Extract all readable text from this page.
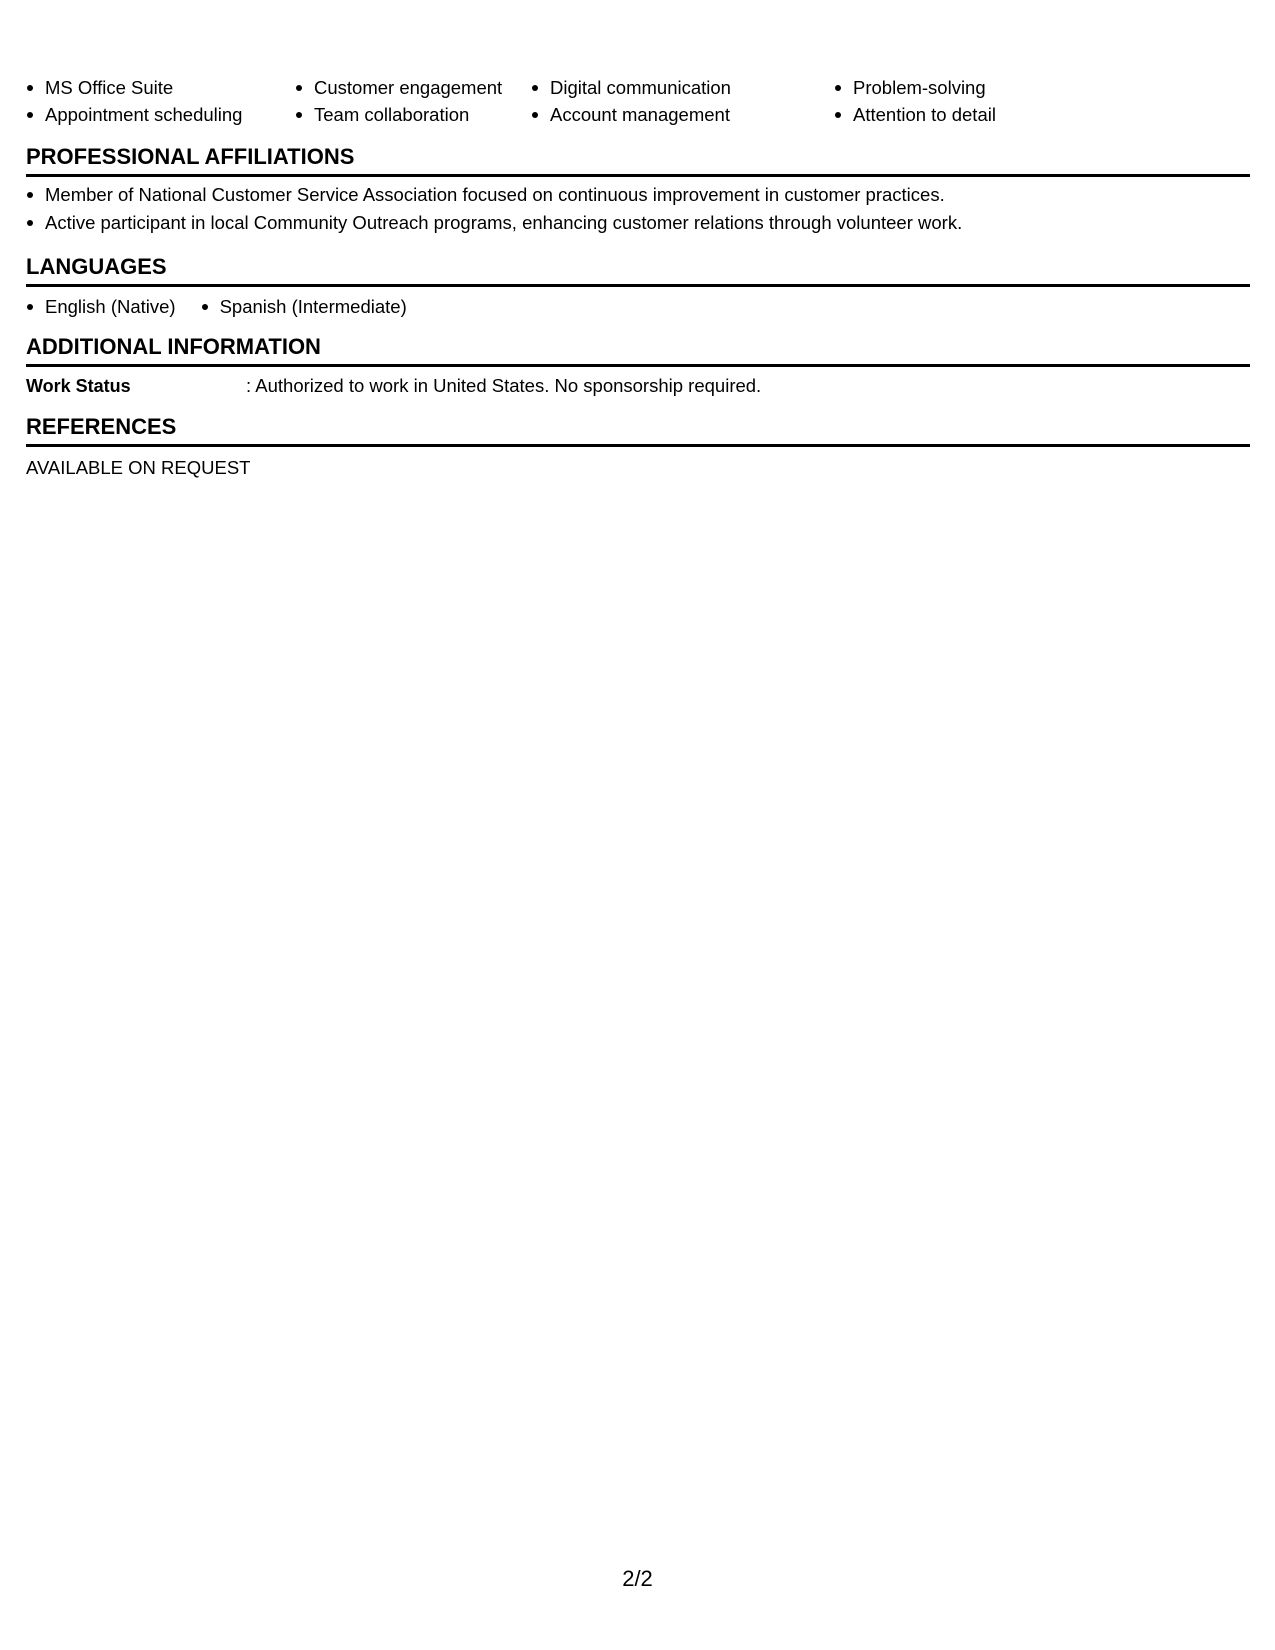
MS Office Suite	Customer engagement	Digital communication	Problem-solving
Appointment scheduling	Team collaboration	Account management	Attention to detail
PROFESSIONAL AFFILIATIONS
Member of National Customer Service Association focused on continuous improvement in customer practices.
Active participant in local Community Outreach programs, enhancing customer relations through volunteer work.
LANGUAGES
English (Native)	Spanish (Intermediate)
ADDITIONAL INFORMATION
Work Status	: Authorized to work in United States. No sponsorship required.
REFERENCES
AVAILABLE ON REQUEST
2/2
